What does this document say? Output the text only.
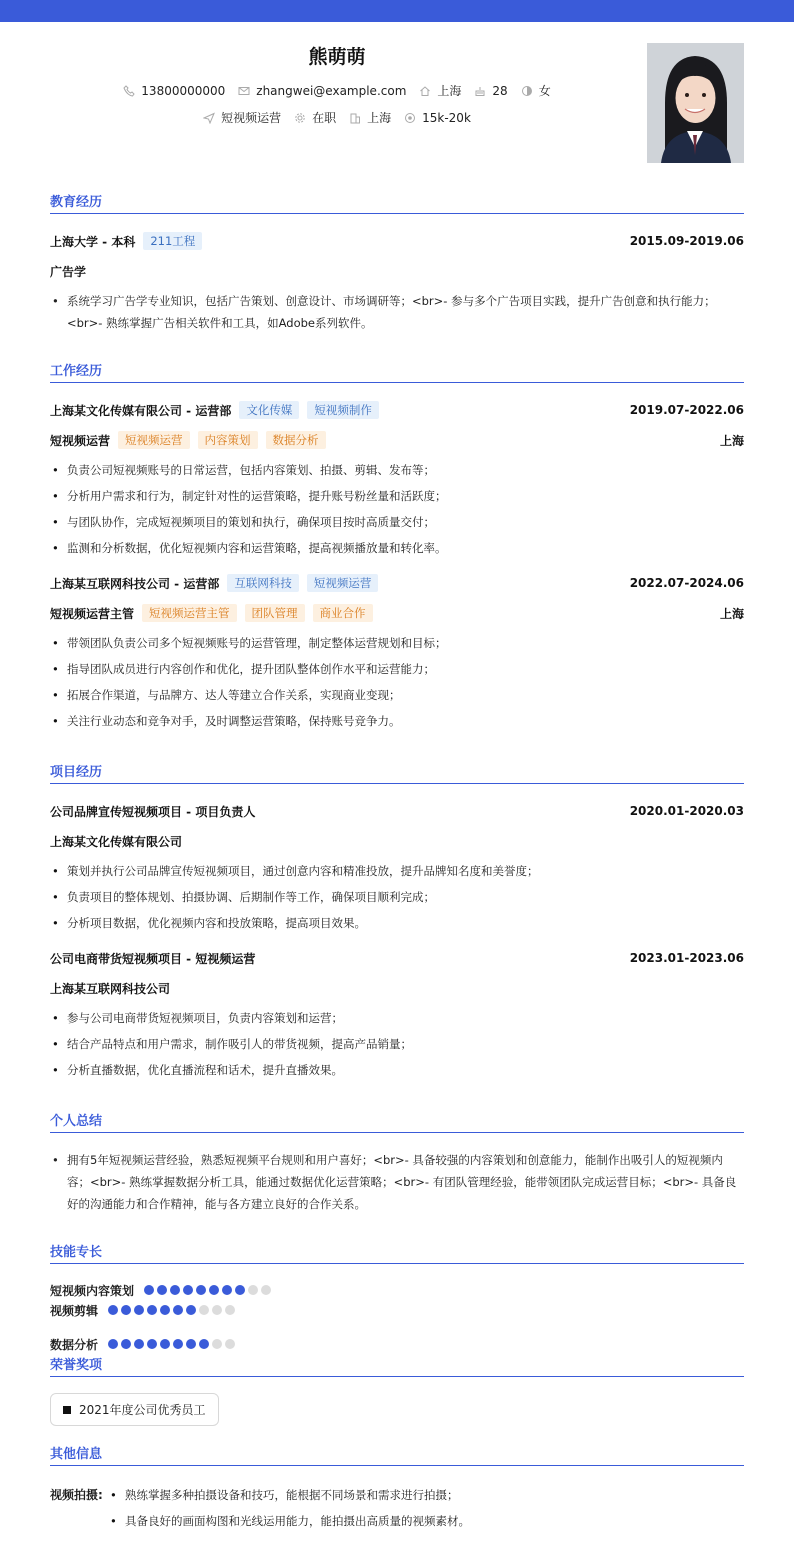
熊萌萌
13800000000	zhangwei@example.com	上海	28	女
短视频运营	在职	上海	15k-20k
教育经历
上海大学 - 本科	211工程	2015.09-2019.06
广告学
• 系统学习广告学专业知识，包括广告策划、创意设计、市场调研等；<br>- 参与多个广告项目实践，提升广告创意和执行能力；<br>- 熟练掌握广告相关软件和工具，如Adobe系列软件。
工作经历
上海某文化传媒有限公司 - 运营部	文化传媒	短视频制作	2019.07-2022.06
短视频运营	短视频运营	内容策划	数据分析	上海
• 负责公司短视频账号的日常运营，包括内容策划、拍摄、剪辑、发布等；
• 分析用户需求和行为，制定针对性的运营策略，提升账号粉丝量和活跃度；
• 与团队协作，完成短视频项目的策划和执行，确保项目按时高质量交付；
• 监测和分析数据，优化短视频内容和运营策略，提高视频播放量和转化率。
上海某互联网科技公司 - 运营部	互联网科技	短视频运营	2022.07-2024.06
短视频运营主管	短视频运营主管	团队管理	商业合作	上海
• 带领团队负责公司多个短视频账号的运营管理，制定整体运营规划和目标；
• 指导团队成员进行内容创作和优化，提升团队整体创作水平和运营能力；
• 拓展合作渠道，与品牌方、达人等建立合作关系，实现商业变现；
• 关注行业动态和竞争对手，及时调整运营策略，保持账号竞争力。
项目经历
公司品牌宣传短视频项目 - 项目负责人	2020.01-2020.03
上海某文化传媒有限公司
• 策划并执行公司品牌宣传短视频项目，通过创意内容和精准投放，提升品牌知名度和美誉度；
• 负责项目的整体规划、拍摄协调、后期制作等工作，确保项目顺利完成；
• 分析项目数据，优化视频内容和投放策略，提高项目效果。
公司电商带货短视频项目 - 短视频运营	2023.01-2023.06
上海某互联网科技公司
• 参与公司电商带货短视频项目，负责内容策划和运营；
• 结合产品特点和用户需求，制作吸引人的带货视频，提高产品销量；
• 分析直播数据，优化直播流程和话术，提升直播效果。
个人总结
• 拥有5年短视频运营经验，熟悉短视频平台规则和用户喜好；<br>- 具备较强的内容策划和创意能力，能制作出吸引人的短视频内容；<br>- 熟练掌握数据分析工具，能通过数据优化运营策略；<br>- 有团队管理经验，能带领团队完成运营目标；<br>- 具备良好的沟通能力和合作精神，能与各方建立良好的合作关系。
技能专长
短视频内容策划
视频剪辑
数据分析
荣誉奖项
2021年度公司优秀员工
其他信息
视频拍摄:
•	熟练掌握多种拍摄设备和技巧，能根据不同场景和需求进行拍摄；
• 具备良好的画面构图和光线运用能力，能拍摄出高质量的视频素材。
